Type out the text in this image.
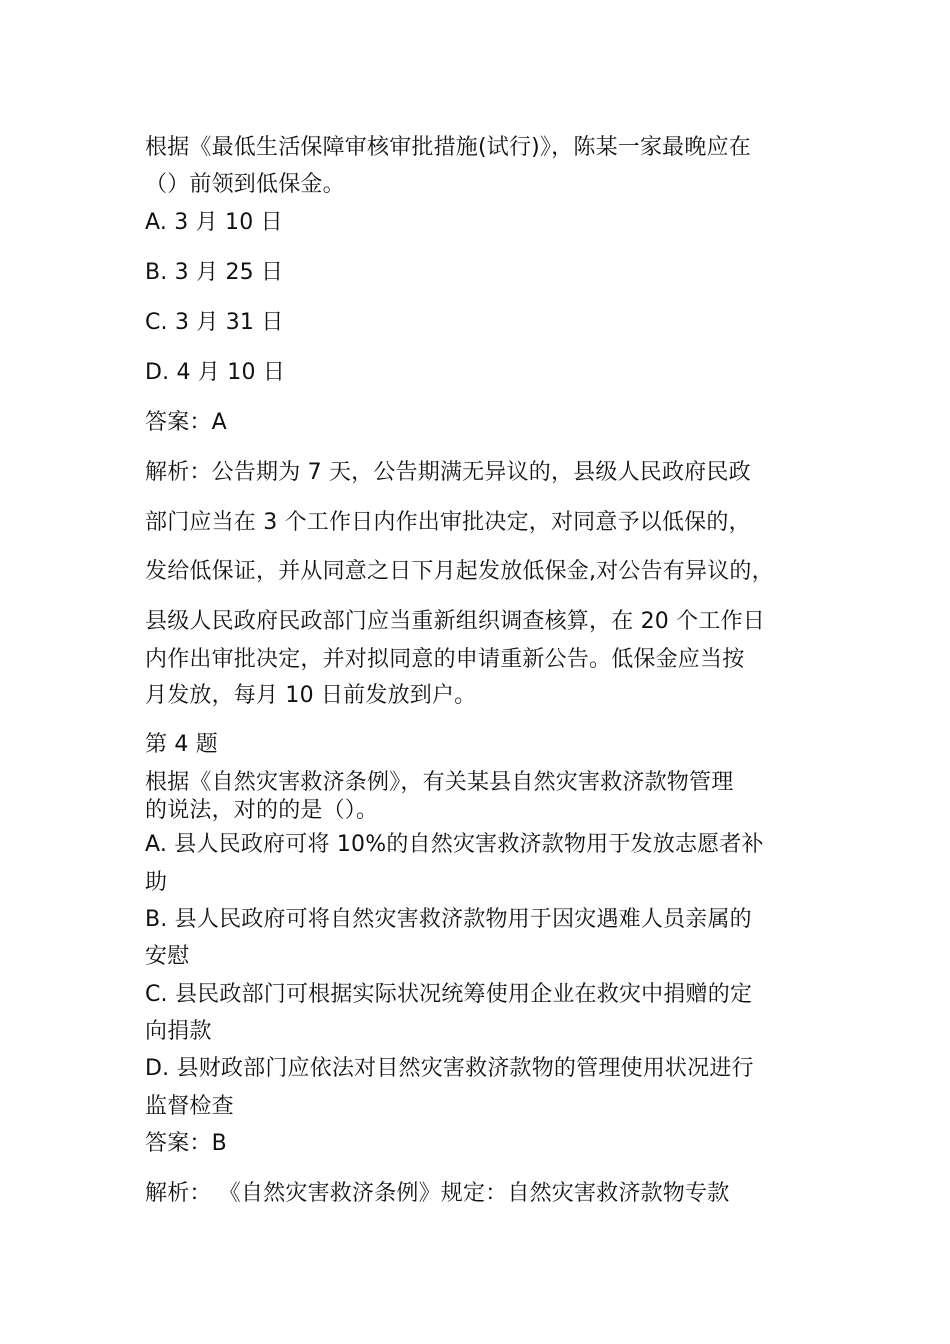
根据《最低生活保障审核审批措施(试行)》，陈某一家最晚应在
（）前领到低保金。
A. 3 月 10 日
B. 3 月 25 日
C. 3 月 31 日
D. 4 月 10 日
答案：A
解析：公告期为 7 天，公告期满无异议的，县级人民政府民政
部门应当在 3 个工作日内作出审批决定，对同意予以低保的，
发给低保证，并从同意之日下月起发放低保金,对公告有异议的，
县级人民政府民政部门应当重新组织调查核算，在 20 个工作日
内作出审批决定，并对拟同意的申请重新公告。低保金应当按
月发放，每月 10 日前发放到户。
第 4 题
根据《自然灾害救济条例》，有关某县自然灾害救济款物管理
的说法，对的的是（）。
A. 县人民政府可将 10%的自然灾害救济款物用于发放志愿者补
助
B. 县人民政府可将自然灾害救济款物用于因灾遇难人员亲属的
安慰
C. 县民政部门可根据实际状况统筹使用企业在救灾中捐赠的定
向捐款
D. 县财政部门应依法对目然灾害救济款物的管理使用状况进行
监督检查
答案：B
解析： 《自然灾害救济条例》规定：自然灾害救济款物专款
